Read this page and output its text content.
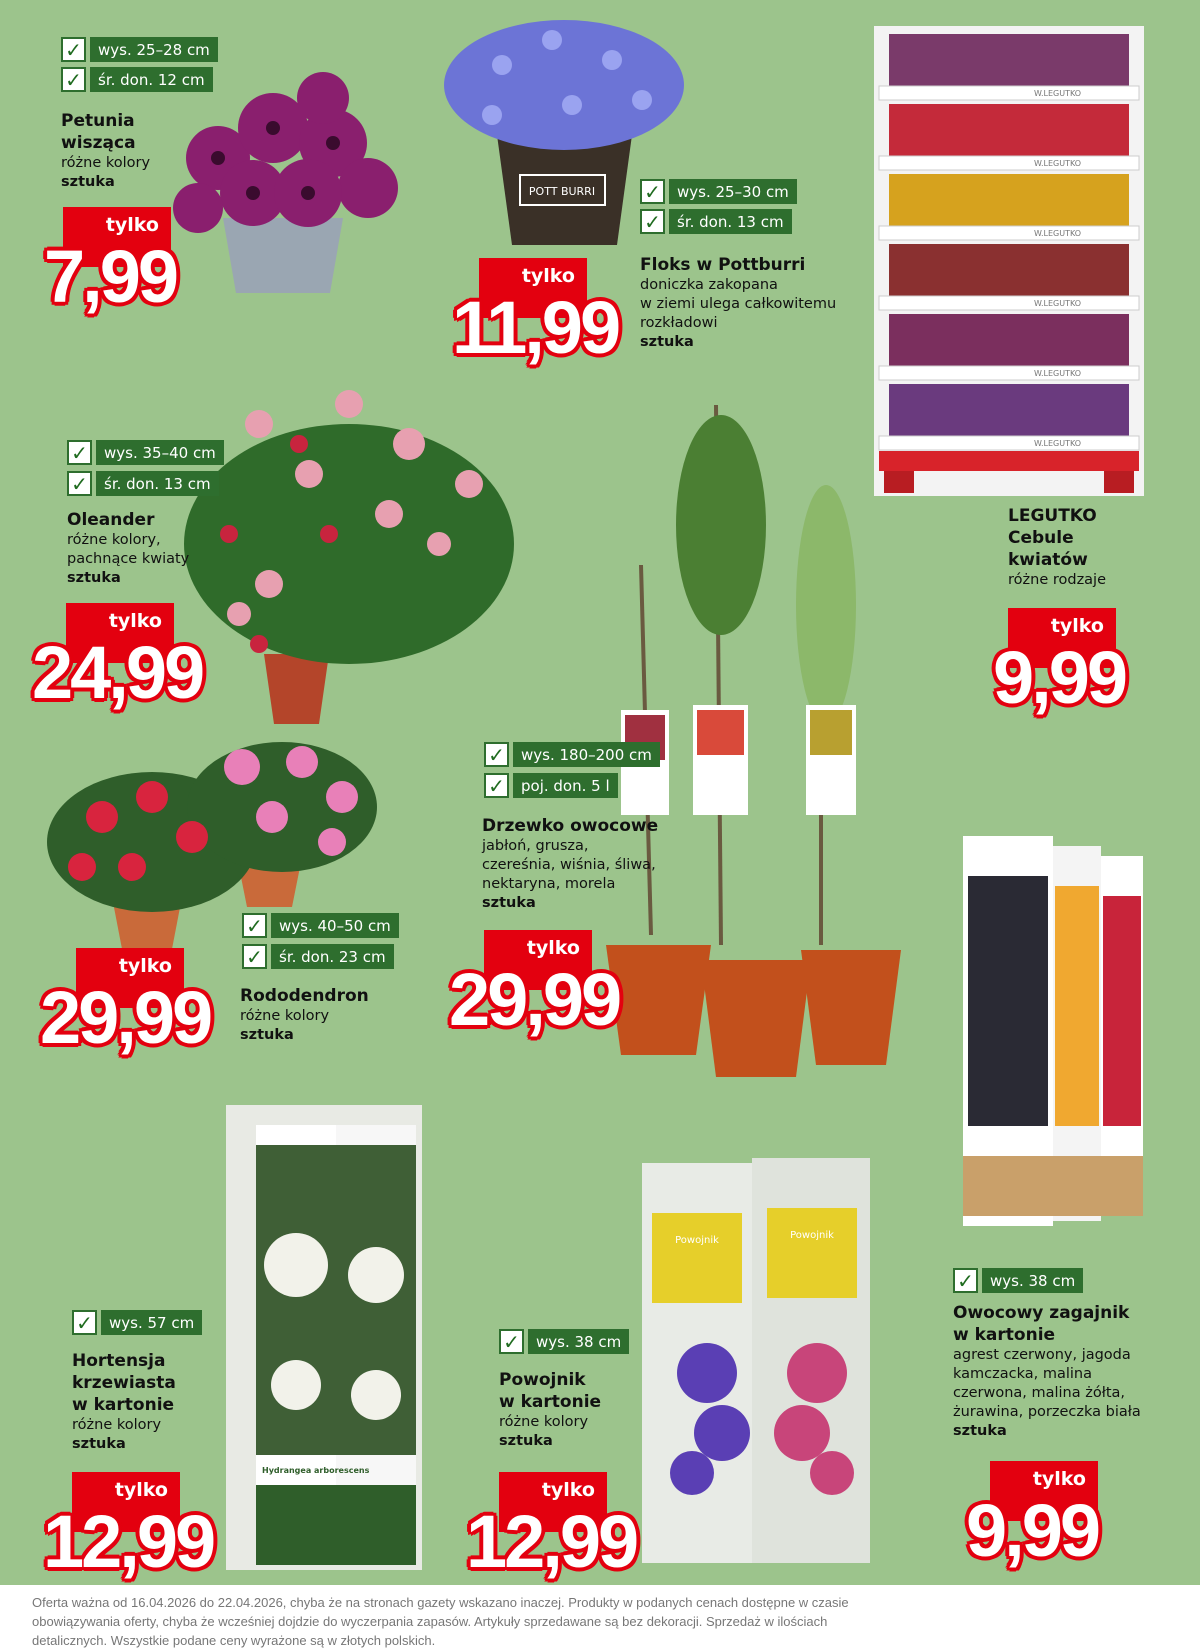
POTT BURRI
W.LEGUTKO
W.LEGUTKO
W.LEGUTKO
W.LEGUTKO
W.LEGUTKO
W.LEGUTKO
Hydrangea arborescens
Powojnik	Powojnik
✓	wys. 25–28 cm
✓	śr. don. 12 cm
Petunia
wisząca
różne kolory
sztuka
tylko
7,99
✓	wys. 25–30 cm
✓	śr. don. 13 cm
Floks w Pottburri
doniczka zakopana
w ziemi ulega całkowitemu
rozkładowi
sztuka
tylko
11,99
LEGUTKO
Cebule
kwiatów
różne rodzaje
tylko
9,99
✓	wys. 35–40 cm
✓	śr. don. 13 cm
Oleander
różne kolory,
pachnące kwiaty
sztuka
tylko
24,99
✓	wys. 180–200 cm
✓	poj. don. 5 l
Drzewko owocowe
jabłoń, grusza,
czereśnia, wiśnia, śliwa,
nektaryna, morela
sztuka
tylko
29,99
✓	wys. 40–50 cm
✓	śr. don. 23 cm
Rododendron
różne kolory
sztuka
tylko
29,99
✓	wys. 38 cm
Owocowy zagajnik
w kartonie
agrest czerwony, jagoda
kamczacka, malina
czerwona, malina żółta,
żurawina, porzeczka biała
sztuka
tylko
9,99
✓	wys. 57 cm
Hortensja
krzewiasta
w kartonie
różne kolory
sztuka
tylko
12,99
✓	wys. 38 cm
Powojnik
w kartonie
różne kolory
sztuka
tylko
12,99

Oferta ważna od 16.04.2026 do 22.04.2026, chyba że na stronach gazety wskazano inaczej. Produkty w podanych cenach dostępne w czasie obowiązywania oferty, chyba że wcześniej dojdzie do wyczerpania zapasów. Artykuły sprzedawane są bez dekoracji. Sprzedaż w ilościach detalicznych. Wszystkie podane ceny wyrażone są w złotych polskich.
